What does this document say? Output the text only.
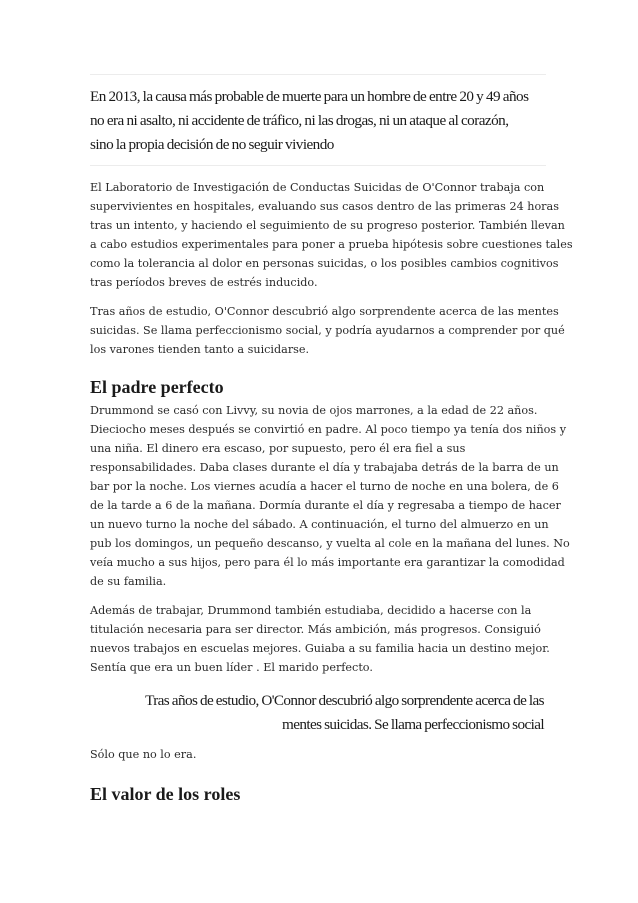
En 2013, la causa más probable de muerte para un hombre de entre 20 y 49 años
no era ni asalto, ni accidente de tráfico, ni las drogas, ni un ataque al corazón,
sino la propia decisión de no seguir viviendo
El Laboratorio de Investigación de Conductas Suicidas de O'Connor trabaja con
supervivientes en hospitales, evaluando sus casos dentro de las primeras 24 horas
tras un intento, y haciendo el seguimiento de su progreso posterior. También llevan
a cabo estudios experimentales para poner a prueba hipótesis sobre cuestiones tales
como la tolerancia al dolor en personas suicidas, o los posibles cambios cognitivos
tras períodos breves de estrés inducido.
Tras años de estudio, O'Connor descubrió algo sorprendente acerca de las mentes
suicidas. Se llama perfeccionismo social, y podría ayudarnos a comprender por qué
los varones tienden tanto a suicidarse.
El padre perfecto
Drummond se casó con Livvy, su novia de ojos marrones, a la edad de 22 años.
Dieciocho meses después se convirtió en padre. Al poco tiempo ya tenía dos niños y
una niña. El dinero era escaso, por supuesto, pero él era fiel a sus
responsabilidades. Daba clases durante el día y trabajaba detrás de la barra de un
bar por la noche. Los viernes acudía a hacer el turno de noche en una bolera, de 6
de la tarde a 6 de la mañana. Dormía durante el día y regresaba a tiempo de hacer
un nuevo turno la noche del sábado. A continuación, el turno del almuerzo en un
pub los domingos, un pequeño descanso, y vuelta al cole en la mañana del lunes. No
veía mucho a sus hijos, pero para él lo más importante era garantizar la comodidad
de su familia.
Además de trabajar, Drummond también estudiaba, decidido a hacerse con la
titulación necesaria para ser director. Más ambición, más progresos. Consiguió
nuevos trabajos en escuelas mejores. Guiaba a su familia hacia un destino mejor.
Sentía que era un buen líder . El marido perfecto.
Tras años de estudio, O'Connor descubrió algo sorprendente acerca de las
mentes suicidas. Se llama perfeccionismo social

Sólo que no lo era.

El valor de los roles
